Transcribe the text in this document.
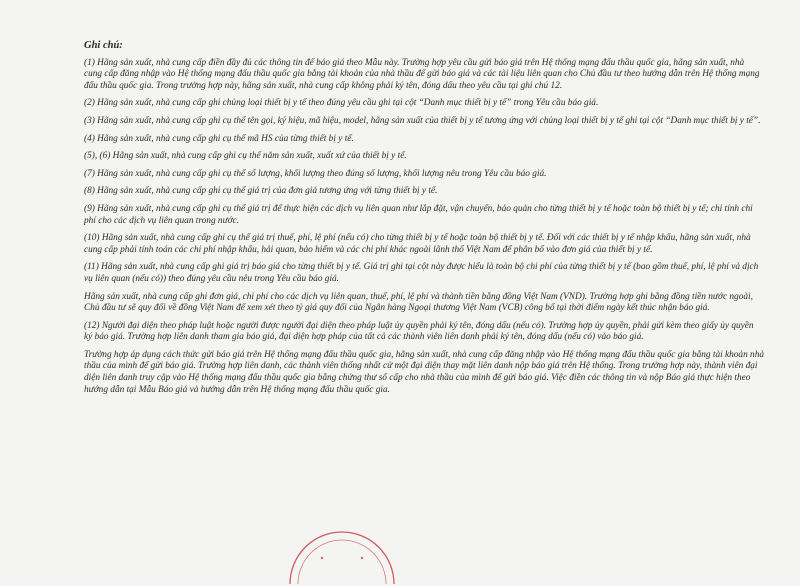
Ghi chú:

(1) Hãng sản xuất, nhà cung cấp điền đầy đủ các thông tin để báo giá theo Mẫu này. Trường hợp yêu cầu gửi báo giá trên Hệ thống mạng đấu thầu quốc gia, hãng sản xuất, nhà cung cấp đăng nhập vào Hệ thống mạng đấu thầu quốc gia bằng tài khoản của nhà thầu để gửi báo giá và các tài liệu liên quan cho Chủ đầu tư theo hướng dẫn trên Hệ thống mạng đấu thầu quốc gia. Trong trường hợp này, hãng sản xuất, nhà cung cấp không phải ký tên, đóng dấu theo yêu cầu tại ghi chú 12.

(2) Hãng sản xuất, nhà cung cấp ghi chủng loại thiết bị y tế theo đúng yêu cầu ghi tại cột “Danh mục thiết bị y tế” trong Yêu cầu báo giá.

(3) Hãng sản xuất, nhà cung cấp ghi cụ thể tên gọi, ký hiệu, mã hiệu, model, hãng sản xuất của thiết bị y tế tương ứng với chủng loại thiết bị y tế ghi tại cột “Danh mục thiết bị y tế”.

(4) Hãng sản xuất, nhà cung cấp ghi cụ thể mã HS của từng thiết bị y tế.

(5), (6) Hãng sản xuất, nhà cung cấp ghi cụ thể năm sản xuất, xuất xứ của thiết bị y tế.

(7) Hãng sản xuất, nhà cung cấp ghi cụ thể số lượng, khối lượng theo đúng số lượng, khối lượng nêu trong Yêu cầu báo giá.

(8) Hãng sản xuất, nhà cung cấp ghi cụ thể giá trị của đơn giá tương ứng với từng thiết bị y tế.

(9) Hãng sản xuất, nhà cung cấp ghi cụ thể giá trị để thực hiện các dịch vụ liên quan như lắp đặt, vận chuyển, bảo quản cho từng thiết bị y tế hoặc toàn bộ thiết bị y tế; chi tính chi phí cho các dịch vụ liên quan trong nước.

(10) Hãng sản xuất, nhà cung cấp ghi cụ thể giá trị thuế, phí, lệ phí (nếu có) cho từng thiết bị y tế hoặc toàn bộ thiết bị y tế. Đối với các thiết bị y tế nhập khẩu, hãng sản xuất, nhà cung cấp phải tính toán các chi phí nhập khẩu, hải quan, bảo hiểm và các chi phí khác ngoài lãnh thổ Việt Nam để phân bổ vào đơn giá của thiết bị y tế.

(11) Hãng sản xuất, nhà cung cấp ghi giá trị báo giá cho từng thiết bị y tế. Giá trị ghi tại cột này được hiểu là toàn bộ chi phí của từng thiết bị y tế (bao gồm thuế, phí, lệ phí và dịch vụ liên quan (nếu có)) theo đúng yêu cầu nêu trong Yêu cầu báo giá.

Hãng sản xuất, nhà cung cấp ghi đơn giá, chi phí cho các dịch vụ liên quan, thuế, phí, lệ phí và thành tiền bằng đồng Việt Nam (VND). Trường hợp ghi bằng đồng tiền nước ngoài, Chủ đầu tư sẽ quy đổi về đồng Việt Nam để xem xét theo tỷ giá quy đổi của Ngân hàng Ngoại thương Việt Nam (VCB) công bố tại thời điểm ngày kết thúc nhận báo giá.

(12) Người đại diện theo pháp luật hoặc người được người đại diện theo pháp luật ủy quyền phải ký tên, đóng dấu (nếu có). Trường hợp ủy quyền, phải gửi kèm theo giấy ủy quyền ký báo giá. Trường hợp liên danh tham gia báo giá, đại diện hợp pháp của tất cả các thành viên liên danh phải ký tên, đóng dấu (nếu có) vào báo giá.

Trường hợp áp dụng cách thức gửi báo giá trên Hệ thống mạng đấu thầu quốc gia, hãng sản xuất, nhà cung cấp đăng nhập vào Hệ thống mạng đấu thầu quốc gia bằng tài khoản nhà thầu của mình để gửi báo giá. Trường hợp liên danh, các thành viên thống nhất cử một đại diện thay mặt liên danh nộp báo giá trên Hệ thống. Trong trường hợp này, thành viên đại diện liên danh truy cập vào Hệ thống mạng đấu thầu quốc gia bằng chứng thư số cấp cho nhà thầu của mình để gửi báo giá. Việc điền các thông tin và nộp Báo giá thực hiện theo hướng dẫn tại Mẫu Báo giá và hướng dẫn trên Hệ thống mạng đấu thầu quốc gia.
